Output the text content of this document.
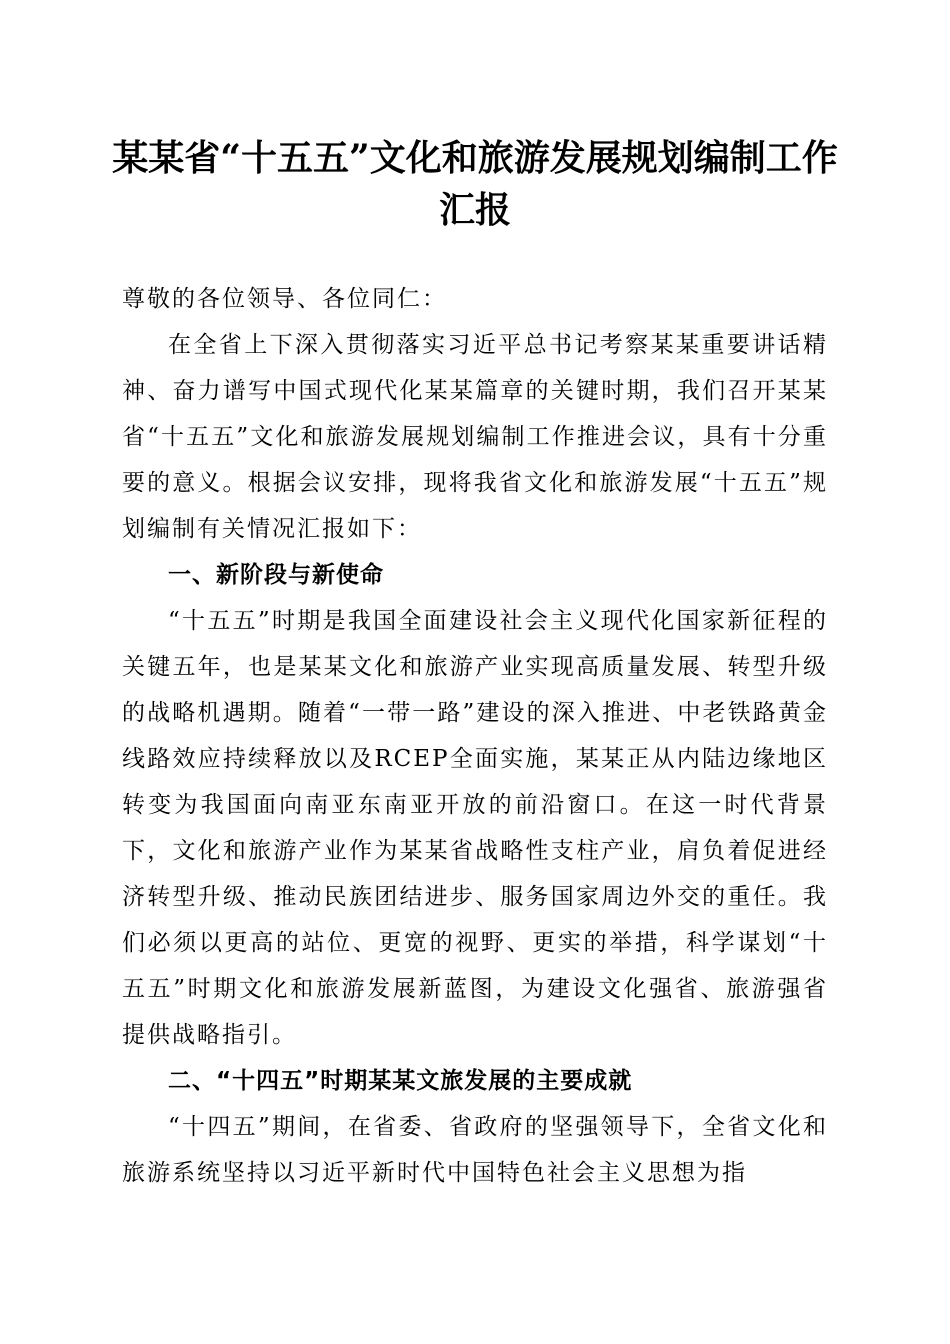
某某省“十五五”文化和旅游发展规划编制工作汇报

尊敬的各位领导、各位同仁：

在全省上下深入贯彻落实习近平总书记考察某某重要讲话精神、奋力谱写中国式现代化某某篇章的关键时期，我们召开某某省“十五五”文化和旅游发展规划编制工作推进会议，具有十分重要的意义。根据会议安排，现将我省文化和旅游发展“十五五”规划编制有关情况汇报如下：

一、新阶段与新使命

“十五五”时期是我国全面建设社会主义现代化国家新征程的关键五年，也是某某文化和旅游产业实现高质量发展、转型升级的战略机遇期。随着“一带一路”建设的深入推进、中老铁路黄金线路效应持续释放以及RCEP全面实施，某某正从内陆边缘地区转变为我国面向南亚东南亚开放的前沿窗口。在这一时代背景下，文化和旅游产业作为某某省战略性支柱产业，肩负着促进经济转型升级、推动民族团结进步、服务国家周边外交的重任。我们必须以更高的站位、更宽的视野、更实的举措，科学谋划“十五五”时期文化和旅游发展新蓝图，为建设文化强省、旅游强省提供战略指引。

二、“十四五”时期某某文旅发展的主要成就

“十四五”期间，在省委、省政府的坚强领导下，全省文化和旅游系统坚持以习近平新时代中国特色社会主义思想为指
